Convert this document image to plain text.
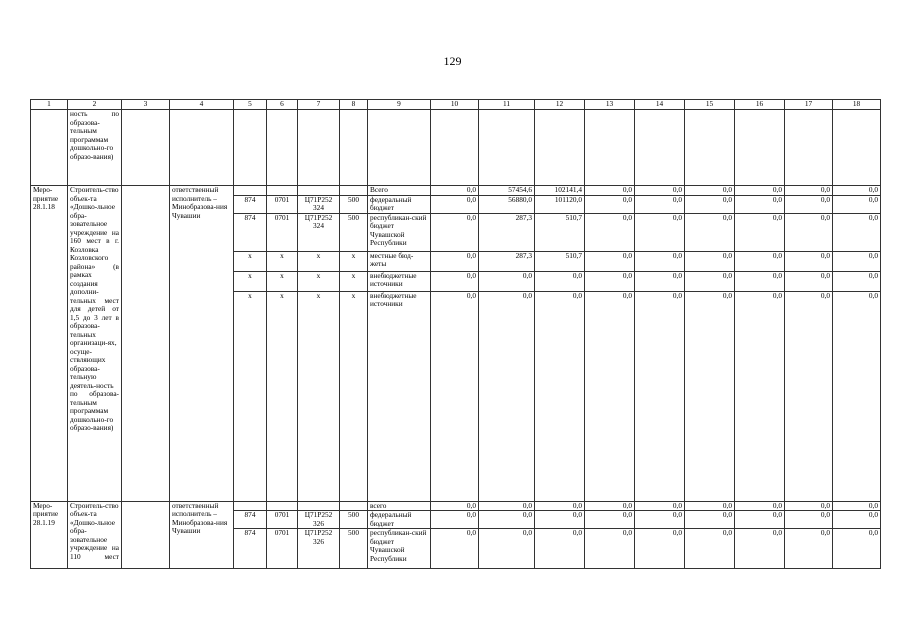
129
1	2	3	4	5	6	7	8	9	10	11	12	13	14	15	16	17	18
	ность по образова-тельным программам дошкольно-го образо-вания)																
Меро-приятие 28.1.18	Строитель-ство объек-та «Дошко-льное обра-зовательное учреждение на 160 мест в г. Козловка Козловского района» (в рамках создания дополни-тельных мест для детей от 1,5 до 3 лет в образова-тельных организаци-ях, осуще-ствляющих образова-тельную деятель-ность по образова-тельным программам дошкольно-го образо-вания)		ответственный исполнитель – Минобразова-ния Чувашии					Всего	0,0	57454,6	102141,4	0,0	0,0	0,0	0,0	0,0	0,0
				874	0701	Ц71P252 324	500	федеральный бюджет	0,0	56880,0	101120,0	0,0	0,0	0,0	0,0	0,0	0,0
				874	0701	Ц71P252 324	500	республикан-ский бюджет Чувашской Республики	0,0	287,3	510,7	0,0	0,0	0,0	0,0	0,0	0,0
				x	x	x	x	местные бюд-жеты	0,0	287,3	510,7	0,0	0,0	0,0	0,0	0,0	0,0
				x	x	x	x	внебюджетные источники	0,0	0,0	0,0	0,0	0,0	0,0	0,0	0,0	0,0
				x	x	x	x	внебюджетные источники	0,0	0,0	0,0	0,0	0,0	0,0	0,0	0,0	0,0
Меро-приятие 28.1.19	Строитель-ство объек-та «Дошко-льное обра-зовательное учреждение на 110 мест		ответственный исполнитель – Минобразова-ния Чувашии					всего	0,0	0,0	0,0	0,0	0,0	0,0	0,0	0,0	0,0
				874	0701	Ц71P252 326	500	федеральный бюджет	0,0	0,0	0,0	0,0	0,0	0,0	0,0	0,0	0,0
				874	0701	Ц71P252 326	500	республикан-ский бюджет Чувашской Республики	0,0	0,0	0,0	0,0	0,0	0,0	0,0	0,0	0,0
